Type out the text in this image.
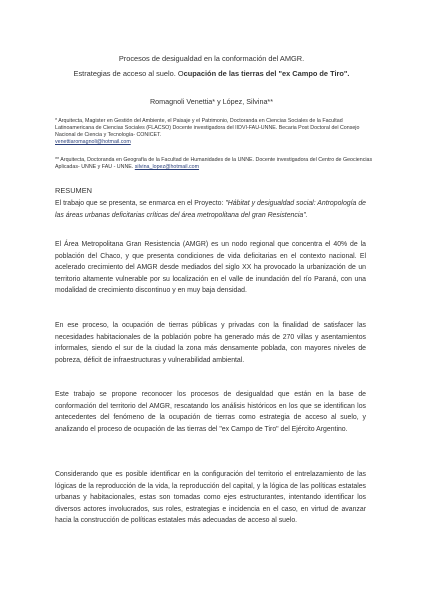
Procesos de desigualdad en la conformación del AMGR.
Estrategias de acceso al suelo. Ocupación de las tierras del "ex Campo de Tiro".
Romagnoli Venettia* y López, Silvina**
* Arquitecta, Magister en Gestión del Ambiente, el Paisaje y el Patrimonio, Doctoranda en Ciencias Sociales de la Facultad Latinoamericana de Ciencias Sociales (FLACSO) Docente investigadora del IIDVI-FAU-UNNE. Becaria Post Doctoral del Consejo Nacional de Ciencia y Tecnología- CONICET.
venettiaromagnoli@hotmail.com
** Arquitecta, Doctoranda en Geografía de la Facultad de Humanidades de la UNNE. Docente investigadora del Centro de Geociencias Aplicadas- UNNE y FAU - UNNE. silvina_lopez@hotmail.com
RESUMEN

El trabajo que se presenta, se enmarca en el Proyecto: "Hábitat y desigualdad social: Antropología de las áreas urbanas deficitarias críticas del área metropolitana del gran Resistencia".

El Área Metropolitana Gran Resistencia (AMGR) es un nodo regional que concentra el 40% de la población del Chaco, y que presenta condiciones de vida deficitarias en el contexto nacional. El acelerado crecimiento del AMGR desde mediados del siglo XX ha provocado la urbanización de un territorio altamente vulnerable por su localización en el valle de inundación del río Paraná, con una modalidad de crecimiento discontinuo y en muy baja densidad.

En ese proceso, la ocupación de tierras públicas y privadas con la finalidad de satisfacer las necesidades habitacionales de la población pobre ha generado más de 270 villas y asentamientos informales, siendo el sur de la ciudad la zona más densamente poblada, con mayores niveles de pobreza, déficit de infraestructuras y vulnerabilidad ambiental.

Este trabajo se propone reconocer los procesos de desigualdad que están en la base de conformación del territorio del AMGR, rescatando los análisis históricos en los que se identifican los antecedentes del fenómeno de la ocupación de tierras como estrategia de acceso al suelo, y analizando el proceso de ocupación de las tierras del "ex Campo de Tiro" del Ejército Argentino.

Considerando que es posible identificar en la configuración del territorio el entrelazamiento de las lógicas de la reproducción de la vida, la reproducción del capital, y la lógica de las políticas estatales urbanas y habitacionales, estas son tomadas como ejes estructurantes, intentando identificar los diversos actores involucrados, sus roles, estrategias e incidencia en el caso, en virtud de avanzar hacia la construcción de políticas estatales más adecuadas de acceso al suelo.
